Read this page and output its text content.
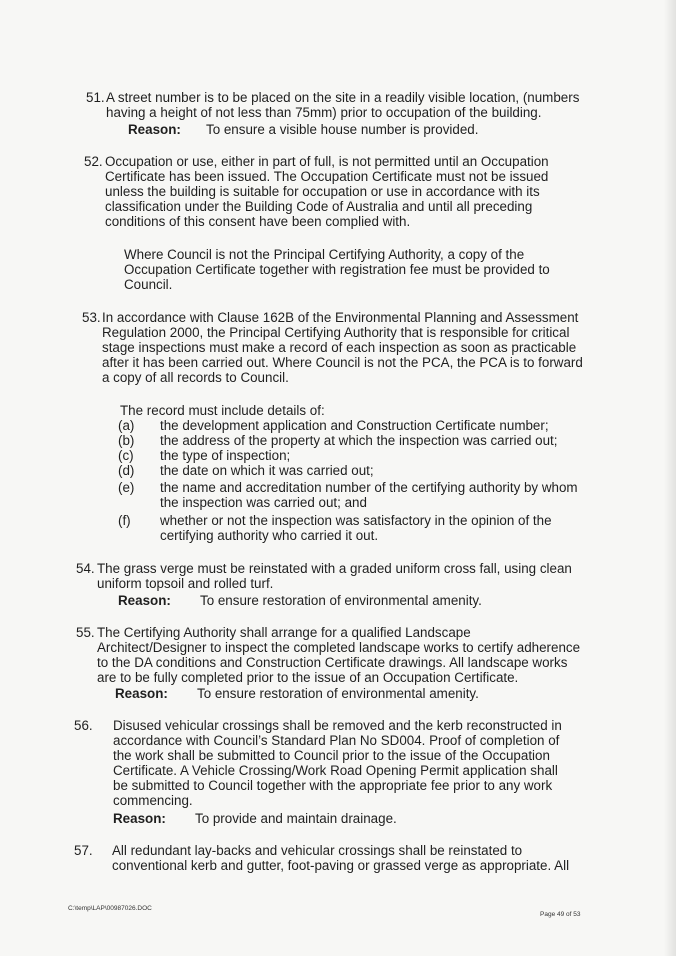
51. A street number is to be placed on the site in a readily visible location, (numbers
having a height of not less than 75mm) prior to occupation of the building.
Reason: To ensure a visible house number is provided.
52. Occupation or use, either in part of full, is not permitted until an Occupation
Certificate has been issued. The Occupation Certificate must not be issued
unless the building is suitable for occupation or use in accordance with its
classification under the Building Code of Australia and until all preceding
conditions of this consent have been complied with.
Where Council is not the Principal Certifying Authority, a copy of the
Occupation Certificate together with registration fee must be provided to
Council.
53. In accordance with Clause 162B of the Environmental Planning and Assessment
Regulation 2000, the Principal Certifying Authority that is responsible for critical
stage inspections must make a record of each inspection as soon as practicable
after it has been carried out. Where Council is not the PCA, the PCA is to forward
a copy of all records to Council.
The record must include details of:
(a) the development application and Construction Certificate number;
(b) the address of the property at which the inspection was carried out;
(c) the type of inspection;
(d) the date on which it was carried out;
(e) the name and accreditation number of the certifying authority by whom
the inspection was carried out; and
(f) whether or not the inspection was satisfactory in the opinion of the
certifying authority who carried it out.
54. The grass verge must be reinstated with a graded uniform cross fall, using clean
uniform topsoil and rolled turf.
Reason: To ensure restoration of environmental amenity.
55. The Certifying Authority shall arrange for a qualified Landscape
Architect/Designer to inspect the completed landscape works to certify adherence
to the DA conditions and Construction Certificate drawings. All landscape works
are to be fully completed prior to the issue of an Occupation Certificate.
Reason: To ensure restoration of environmental amenity.
56. Disused vehicular crossings shall be removed and the kerb reconstructed in
accordance with Council’s Standard Plan No SD004. Proof of completion of
the work shall be submitted to Council prior to the issue of the Occupation
Certificate. A Vehicle Crossing/Work Road Opening Permit application shall
be submitted to Council together with the appropriate fee prior to any work
commencing.
Reason: To provide and maintain drainage.
57. All redundant lay-backs and vehicular crossings shall be reinstated to
conventional kerb and gutter, foot-paving or grassed verge as appropriate. All
C:\temp\LAP\00987026.DOC
Page 49 of 53
